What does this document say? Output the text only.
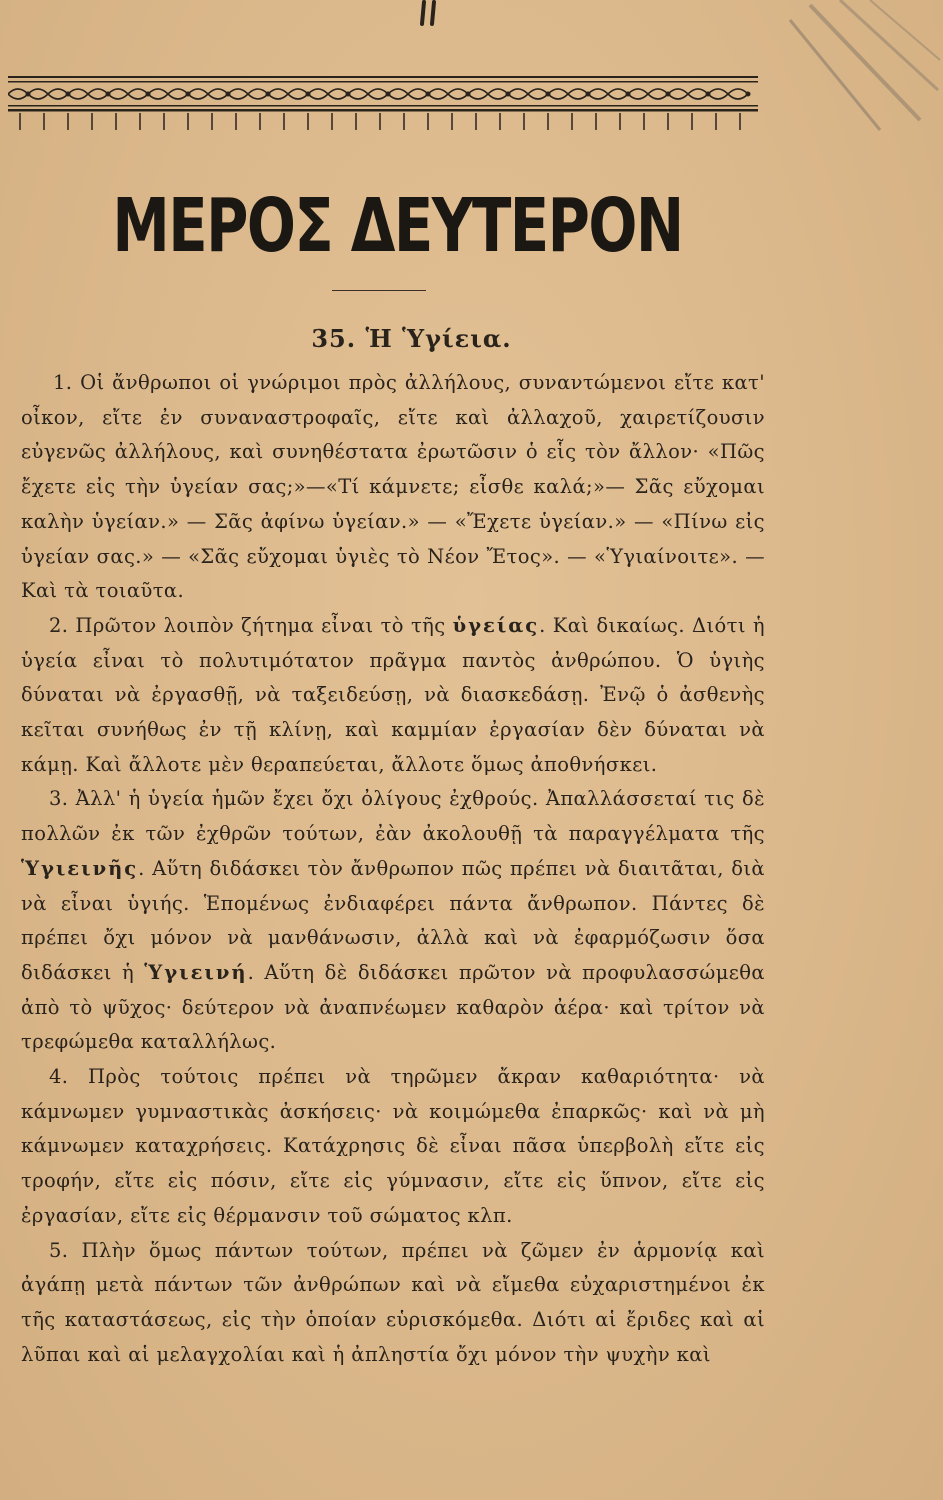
ΜΕΡΟΣ ΔΕΥΤΕΡΟΝ
35. Ἡ Ὑγίεια.

1. Οἱ ἄνθρωποι οἱ γνώριμοι πρὸς ἀλλήλους, συναντώμενοι εἴτε κατ' οἶκον, εἴτε ἐν συναναστροφαῖς, εἴτε καὶ ἀλλαχοῦ, χαιρετίζουσιν εὐγενῶς ἀλλήλους, καὶ συνηθέστατα ἐρωτῶσιν ὁ εἷς τὸν ἄλλον· «Πῶς ἔχετε εἰς τὴν ὑγείαν σας;»—«Τί κάμνετε; εἶσθε καλά;»— Σᾶς εὔχομαι καλὴν ὑγείαν.» — Σᾶς ἀφίνω ὑγείαν.» — «Ἔχετε ὑγείαν.» — «Πίνω εἰς ὑγείαν σας.» — «Σᾶς εὔχομαι ὑγιὲς τὸ Νέον Ἔτος». — «Ὑγιαίνοιτε». — Καὶ τὰ τοιαῦτα.

2. Πρῶτον λοιπὸν ζήτημα εἶναι τὸ τῆς ὑγείας. Καὶ δικαίως. Διότι ἡ ὑγεία εἶναι τὸ πολυτιμότατον πρᾶγμα παντὸς ἀνθρώπου. Ὁ ὑγιὴς δύναται νὰ ἐργασθῇ, νὰ ταξειδεύσῃ, νὰ διασκεδάσῃ. Ἐνῷ ὁ ἀσθενὴς κεῖται συνήθως ἐν τῇ κλίνῃ, καὶ καμμίαν ἐργασίαν δὲν δύναται νὰ κάμῃ. Καὶ ἄλλοτε μὲν θεραπεύεται, ἄλλοτε ὅμως ἀποθνήσκει.

3. Ἀλλ' ἡ ὑγεία ἡμῶν ἔχει ὄχι ὀλίγους ἐχθρούς. Ἀπαλλάσσεταί τις δὲ πολλῶν ἐκ τῶν ἐχθρῶν τούτων, ἐὰν ἀκολουθῇ τὰ παραγγέλματα τῆς Ὑγιεινῆς. Αὕτη διδάσκει τὸν ἄνθρωπον πῶς πρέπει νὰ διαιτᾶται, διὰ νὰ εἶναι ὑγιής. Ἑπομένως ἐνδιαφέρει πάντα ἄνθρωπον. Πάντες δὲ πρέπει ὄχι μόνον νὰ μανθάνωσιν, ἀλλὰ καὶ νὰ ἐφαρμόζωσιν ὅσα διδάσκει ἡ Ὑγιεινή. Αὕτη δὲ διδάσκει πρῶτον νὰ προφυλασσώμεθα ἀπὸ τὸ ψῦχος· δεύτερον νὰ ἀναπνέωμεν καθαρὸν ἀέρα· καὶ τρίτον νὰ τρεφώμεθα καταλλήλως.

4. Πρὸς τούτοις πρέπει νὰ τηρῶμεν ἄκραν καθαριότητα· νὰ κάμνωμεν γυμναστικὰς ἀσκήσεις· νὰ κοιμώμεθα ἐπαρκῶς· καὶ νὰ μὴ κάμνωμεν καταχρήσεις. Κατάχρησις δὲ εἶναι πᾶσα ὑπερβολὴ εἴτε εἰς τροφήν, εἴτε εἰς πόσιν, εἴτε εἰς γύμνασιν, εἴτε εἰς ὕπνον, εἴτε εἰς ἐργασίαν, εἴτε εἰς θέρμανσιν τοῦ σώματος κλπ.

5. Πλὴν ὅμως πάντων τούτων, πρέπει νὰ ζῶμεν ἐν ἁρμονίᾳ καὶ ἀγάπῃ μετὰ πάντων τῶν ἀνθρώπων καὶ νὰ εἴμεθα εὐχαριστημένοι ἐκ τῆς καταστάσεως, εἰς τὴν ὁποίαν εὑρισκόμεθα. Διότι αἱ ἔριδες καὶ αἱ λῦπαι καὶ αἱ μελαγχολίαι καὶ ἡ ἀπληστία ὄχι μόνον τὴν ψυχὴν καὶ
